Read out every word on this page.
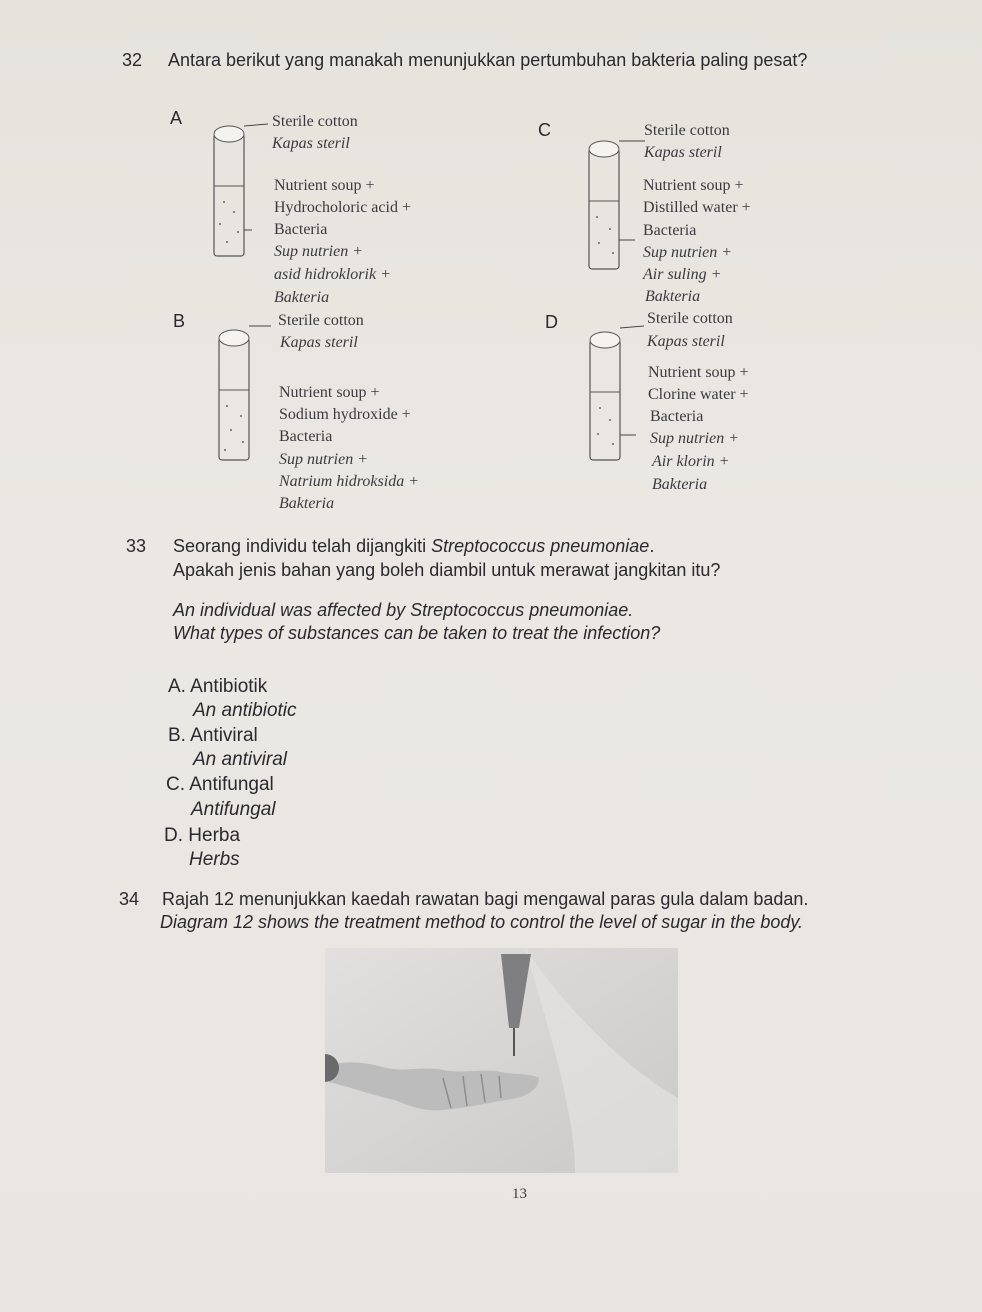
32 Antara berikut yang manakah menunjukkan pertumbuhan bakteria paling pesat?
A	Sterile cotton
Kapas steril
Nutrient soup +
Hydrocholoric acid +
Bacteria
Sup nutrien +
asid hidroklorik +
Bakteria
C	Sterile cotton
Kapas steril
Nutrient soup +
Distilled water +
Bacteria
Sup nutrien +
Air suling +
Bakteria
B	Sterile cotton
Kapas steril
Nutrient soup +
Sodium hydroxide +
Bacteria
Sup nutrien +
Natrium hidroksida +
Bakteria
D	Sterile cotton
Kapas steril
Nutrient soup +
Clorine water +
Bacteria
Sup nutrien +
Air klorin +
Bakteria
33 Seorang individu telah dijangkiti Streptococcus pneumoniae.
Apakah jenis bahan yang boleh diambil untuk merawat jangkitan itu?
An individual was affected by Streptococcus pneumoniae.
What types of substances can be taken to treat the infection?
A. Antibiotik
An antibiotic
B. Antiviral
An antiviral
C. Antifungal
Antifungal
D. Herba
Herbs
34 Rajah 12 menunjukkan kaedah rawatan bagi mengawal paras gula dalam badan.
Diagram 12 shows the treatment method to control the level of sugar in the body.
13
